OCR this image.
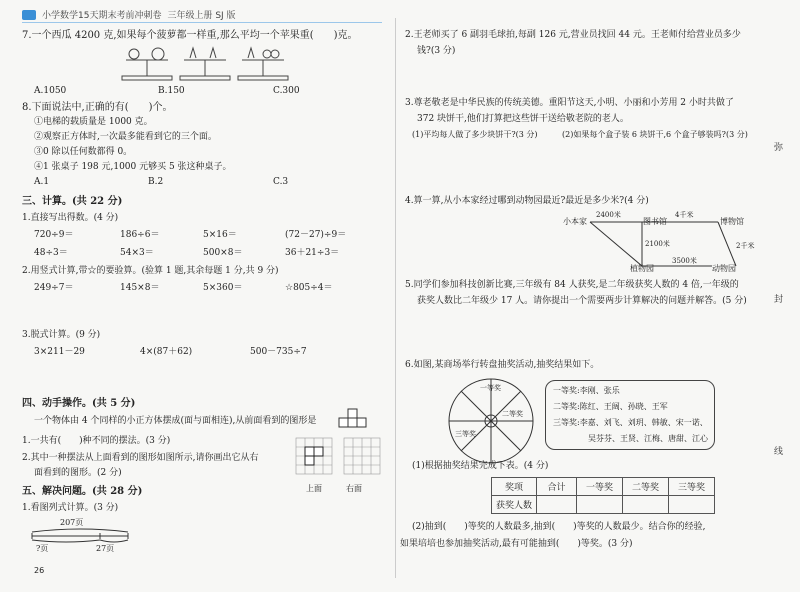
小学数学15天期末考前冲刺卷 三年级上册 SJ 版
7.一个西瓜 4200 克,如果每个菠萝都一样重,那么平均一个苹果重(　　)克。
A.1050	B.150	C.300
8.下面说法中,正确的有(　　)个。
①电梯的载质量是 1000 克。
②观察正方体时,一次最多能看到它的三个面。
③0 除以任何数都得 0。
④1 张桌子 198 元,1000 元够买 5 张这种桌子。
A.1	B.2	C.3
三、计算。(共 22 分)
1.直接写出得数。(4 分)
720÷9＝	186÷6＝	5×16＝	(72－27)÷9＝
48÷3＝	54×3＝	500×8＝	36＋21÷3＝
2.用竖式计算,带☆的要验算。(验算 1 题,其余每题 1 分,共 9 分)
249÷7＝	145×8＝	5×360＝	☆805÷4＝
3.脱式计算。(9 分)
3×211－29	4×(87＋62)	500－735÷7
四、动手操作。(共 5 分)
一个物体由 4 个同样的小正方体摆成(面与面相连),从前面看到的图形是
1.一共有(　　)种不同的摆法。(3 分)
2.其中一种摆法从上面看到的图形如图所示,请你画出它从右
面看到的图形。(2 分)
上面	右面
五、解决问题。(共 28 分)
1.看图列式计算。(3 分)
207页
?页	27页
26
2.王老师买了 6 副羽毛球拍,每副 126 元,营业员找回 44 元。王老师付给营业员多少
钱?(3 分)
3.尊老敬老是中华民族的传统美德。重阳节这天,小明、小丽和小芳用 2 小时共做了
372 块饼干,他们打算把这些饼干送给敬老院的老人。
(1)平均每人做了多少块饼干?(3 分)	(2)如果每个盒子装 6 块饼干,6 个盒子够装吗?(3 分)
4.算一算,从小本家经过哪到动物园最近?最近是多少米?(4 分)
小本家	图书馆	博物馆
植物园	动物园
2400米	4千米
2100米	2千米
3500米
5.同学们参加科技创新比赛,三年级有 84 人获奖,是二年级获奖人数的 4 倍,一年级的
获奖人数比二年级少 17 人。请你提出一个需要两步计算解决的问题并解答。(5 分)
6.如图,某商场举行转盘抽奖活动,抽奖结果如下。
一等奖
二等奖
三等奖
一等奖:李刚、张乐
二等奖:陈红、王阔、孙晓、王军
三等奖:李嘉、刘飞、刘玥、韩敏、宋一诺、
吴芬芬、王贤、江梅、唐甜、江心
(1)根据抽奖结果完成下表。(4 分)
奖项	合计	一等奖	二等奖	三等奖
获奖人数				
(2)抽到(　　)等奖的人数最多,抽到(　　)等奖的人数最少。结合你的经验,
如果培培也参加抽奖活动,最有可能抽到(　　)等奖。(3 分)
弥
封
线
